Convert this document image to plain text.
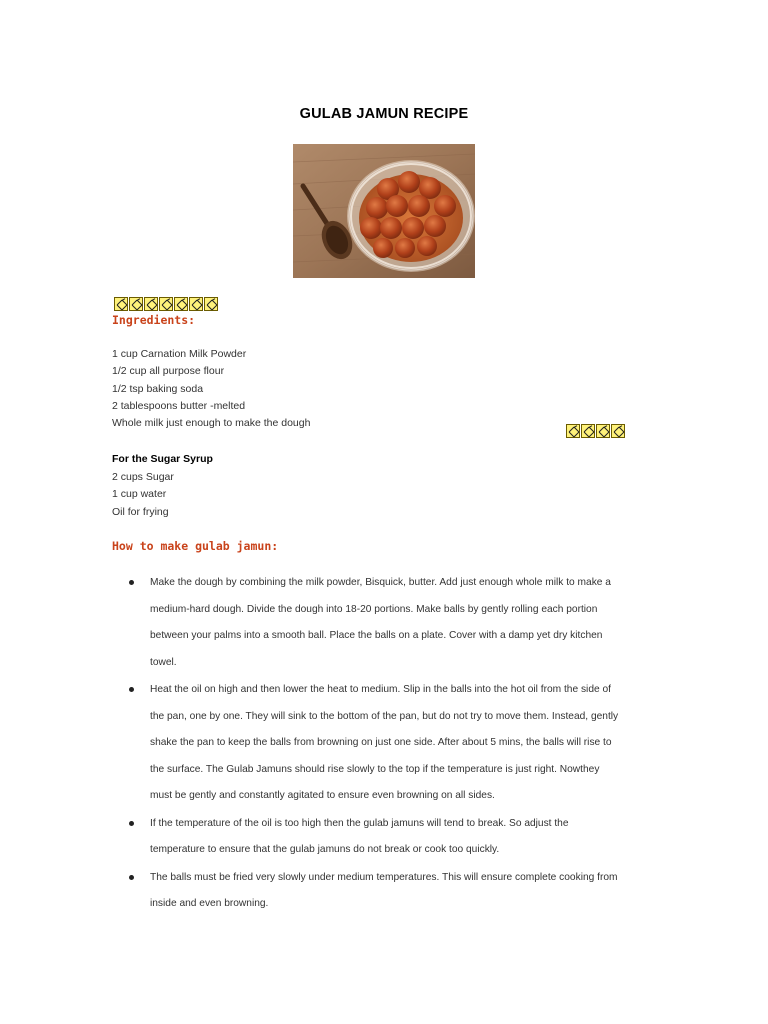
GULAB JAMUN RECIPE
Ingredients:
1 cup Carnation Milk Powder
1/2 cup all purpose flour
1/2 tsp baking soda
2 tablespoons butter -melted
Whole milk just enough to make the dough
For the Sugar Syrup
2 cups Sugar
1 cup water
Oil for frying
How to make gulab jamun:
Make the dough by combining the milk powder, Bisquick, butter. Add just enough whole milk to make a
medium-hard dough. Divide the dough into 18-20 portions. Make balls by gently rolling each portion
between your palms into a smooth ball. Place the balls on a plate. Cover with a damp yet dry kitchen
towel.
Heat the oil on high and then lower the heat to medium. Slip in the balls into the hot oil from the side of
the pan, one by one. They will sink to the bottom of the pan, but do not try to move them. Instead, gently
shake the pan to keep the balls from browning on just one side. After about 5 mins, the balls will rise to
the surface. The Gulab Jamuns should rise slowly to the top if the temperature is just right. Nowthey
must be gently and constantly agitated to ensure even browning on all sides.
If the temperature of the oil is too high then the gulab jamuns will tend to break. So adjust the
temperature to ensure that the gulab jamuns do not break or cook too quickly.
The balls must be fried very slowly under medium temperatures. This will ensure complete cooking from
inside and even browning.
